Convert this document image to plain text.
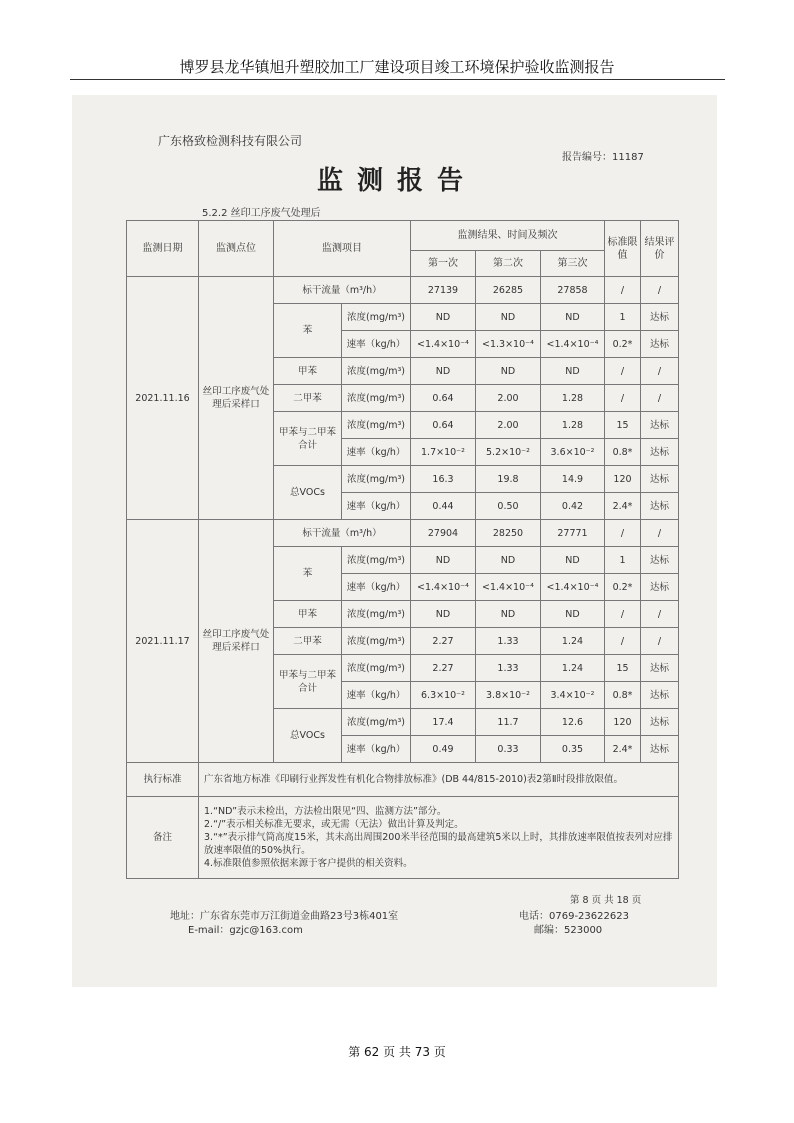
博罗县龙华镇旭升塑胶加工厂建设项目竣工环境保护验收监测报告
广东格致检测科技有限公司
报告编号：11187
监测报告
5.2.2 丝印工序废气处理后
监测日期	监测点位	监测项目		监测结果、时间及频次			标准限值	结果评价
				第一次	第二次	第三次		
2021.11.16	丝印工序废气处理后采样口	标干流量（m³/h）		27139	26285	27858	/	/
		苯	浓度(mg/m³)	ND	ND	ND	1	达标
			速率（kg/h）	<1.4×10⁻⁴	<1.3×10⁻⁴	<1.4×10⁻⁴	0.2*	达标
		甲苯	浓度(mg/m³)	ND	ND	ND	/	/
		二甲苯	浓度(mg/m³)	0.64	2.00	1.28	/	/
		甲苯与二甲苯合计	浓度(mg/m³)	0.64	2.00	1.28	15	达标
			速率（kg/h）	1.7×10⁻²	5.2×10⁻²	3.6×10⁻²	0.8*	达标
		总VOCs	浓度(mg/m³)	16.3	19.8	14.9	120	达标
			速率（kg/h）	0.44	0.50	0.42	2.4*	达标
2021.11.17	丝印工序废气处理后采样口	标干流量（m³/h）		27904	28250	27771	/	/
		苯	浓度(mg/m³)	ND	ND	ND	1	达标
			速率（kg/h）	<1.4×10⁻⁴	<1.4×10⁻⁴	<1.4×10⁻⁴	0.2*	达标
		甲苯	浓度(mg/m³)	ND	ND	ND	/	/
		二甲苯	浓度(mg/m³)	2.27	1.33	1.24	/	/
		甲苯与二甲苯合计	浓度(mg/m³)	2.27	1.33	1.24	15	达标
			速率（kg/h）	6.3×10⁻²	3.8×10⁻²	3.4×10⁻²	0.8*	达标
		总VOCs	浓度(mg/m³)	17.4	11.7	12.6	120	达标
			速率（kg/h）	0.49	0.33	0.35	2.4*	达标
执行标准	广东省地方标准《印刷行业挥发性有机化合物排放标准》(DB 44/815-2010)表2第Ⅱ时段排放限值。							
备注	1.“ND”表示未检出，方法检出限见“四、监测方法”部分。
2.“/”表示相关标准无要求，或无需（无法）做出计算及判定。
3.“*”表示排气筒高度15米，其未高出周围200米半径范围的最高建筑5米以上时，其排放速率限值按表列对应排放速率限值的50%执行。
4.标准限值参照依据来源于客户提供的相关资料。							
第 8 页 共 18 页
地址：广东省东莞市万江街道金曲路23号3栋401室
E-mail：gzjc@163.com
电话：0769-23622623
邮编：523000
第 62 页 共 73 页
